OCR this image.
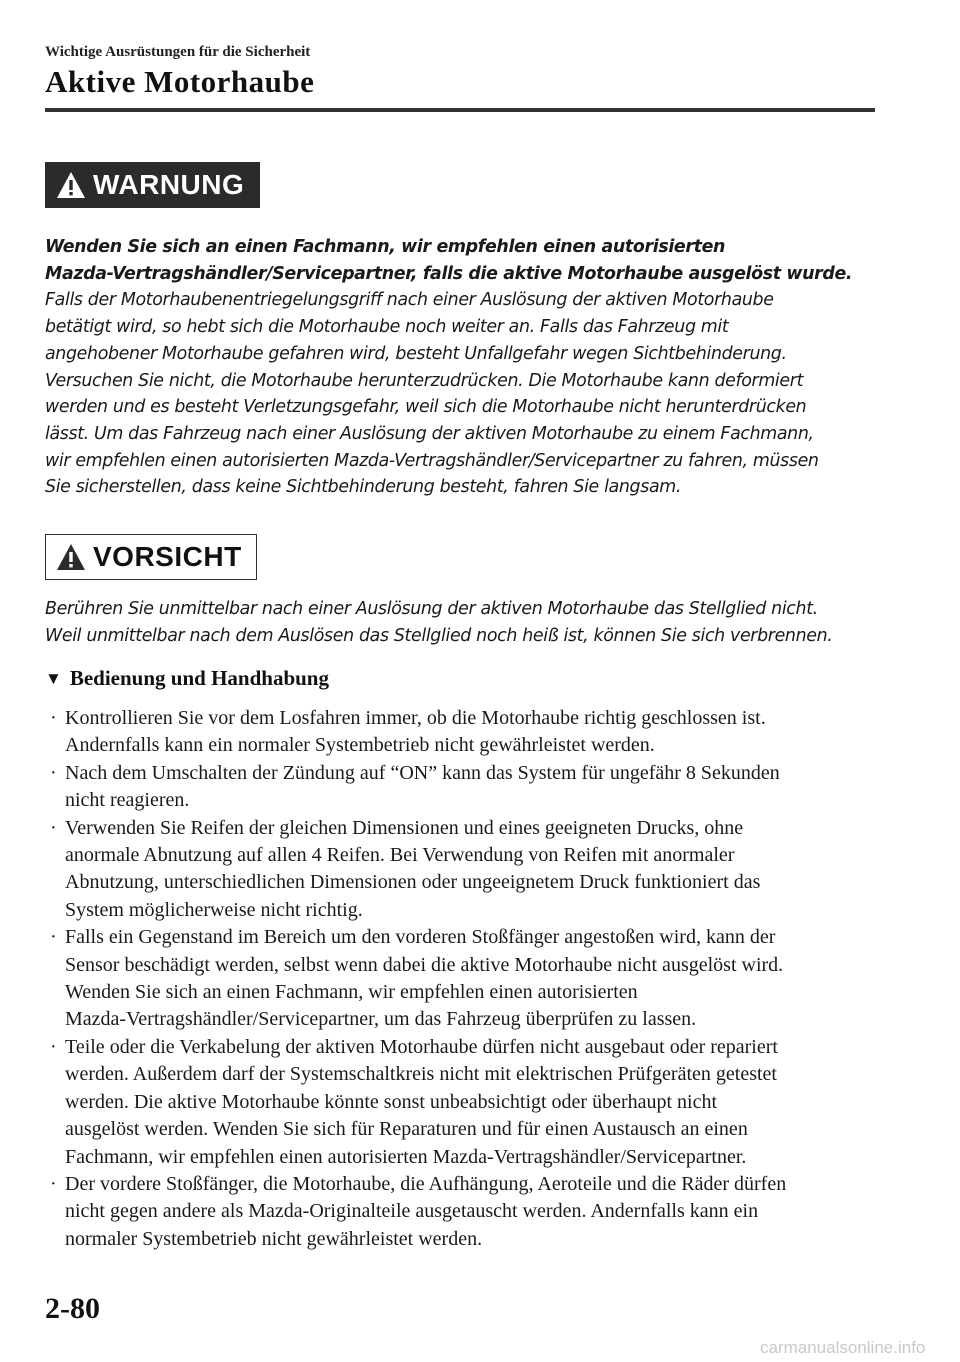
Wichtige Ausrüstungen für die Sicherheit
Aktive Motorhaube
WARNUNG
Wenden Sie sich an einen Fachmann, wir empfehlen einen autorisierten
Mazda-Vertragshändler/Servicepartner, falls die aktive Motorhaube ausgelöst wurde.
Falls der Motorhaubenentriegelungsgriff nach einer Auslösung der aktiven Motorhaube
betätigt wird, so hebt sich die Motorhaube noch weiter an. Falls das Fahrzeug mit
angehobener Motorhaube gefahren wird, besteht Unfallgefahr wegen Sichtbehinderung.
Versuchen Sie nicht, die Motorhaube herunterzudrücken. Die Motorhaube kann deformiert
werden und es besteht Verletzungsgefahr, weil sich die Motorhaube nicht herunterdrücken
lässt. Um das Fahrzeug nach einer Auslösung der aktiven Motorhaube zu einem Fachmann,
wir empfehlen einen autorisierten Mazda-Vertragshändler/Servicepartner zu fahren, müssen
Sie sicherstellen, dass keine Sichtbehinderung besteht, fahren Sie langsam.
VORSICHT
Berühren Sie unmittelbar nach einer Auslösung der aktiven Motorhaube das Stellglied nicht.
Weil unmittelbar nach dem Auslösen das Stellglied noch heiß ist, können Sie sich verbrennen.
▼ Bedienung und Handhabung
· Kontrollieren Sie vor dem Losfahren immer, ob die Motorhaube richtig geschlossen ist.
Andernfalls kann ein normaler Systembetrieb nicht gewährleistet werden.
· Nach dem Umschalten der Zündung auf “ON” kann das System für ungefähr 8 Sekunden
nicht reagieren.
· Verwenden Sie Reifen der gleichen Dimensionen und eines geeigneten Drucks, ohne
anormale Abnutzung auf allen 4 Reifen. Bei Verwendung von Reifen mit anormaler
Abnutzung, unterschiedlichen Dimensionen oder ungeeignetem Druck funktioniert das
System möglicherweise nicht richtig.
· Falls ein Gegenstand im Bereich um den vorderen Stoßfänger angestoßen wird, kann der
Sensor beschädigt werden, selbst wenn dabei die aktive Motorhaube nicht ausgelöst wird.
Wenden Sie sich an einen Fachmann, wir empfehlen einen autorisierten
Mazda-Vertragshändler/Servicepartner, um das Fahrzeug überprüfen zu lassen.
· Teile oder die Verkabelung der aktiven Motorhaube dürfen nicht ausgebaut oder repariert
werden. Außerdem darf der Systemschaltkreis nicht mit elektrischen Prüfgeräten getestet
werden. Die aktive Motorhaube könnte sonst unbeabsichtigt oder überhaupt nicht
ausgelöst werden. Wenden Sie sich für Reparaturen und für einen Austausch an einen
Fachmann, wir empfehlen einen autorisierten Mazda-Vertragshändler/Servicepartner.
· Der vordere Stoßfänger, die Motorhaube, die Aufhängung, Aeroteile und die Räder dürfen
nicht gegen andere als Mazda-Originalteile ausgetauscht werden. Andernfalls kann ein
normaler Systembetrieb nicht gewährleistet werden.
2-80
carmanualsonline.info
